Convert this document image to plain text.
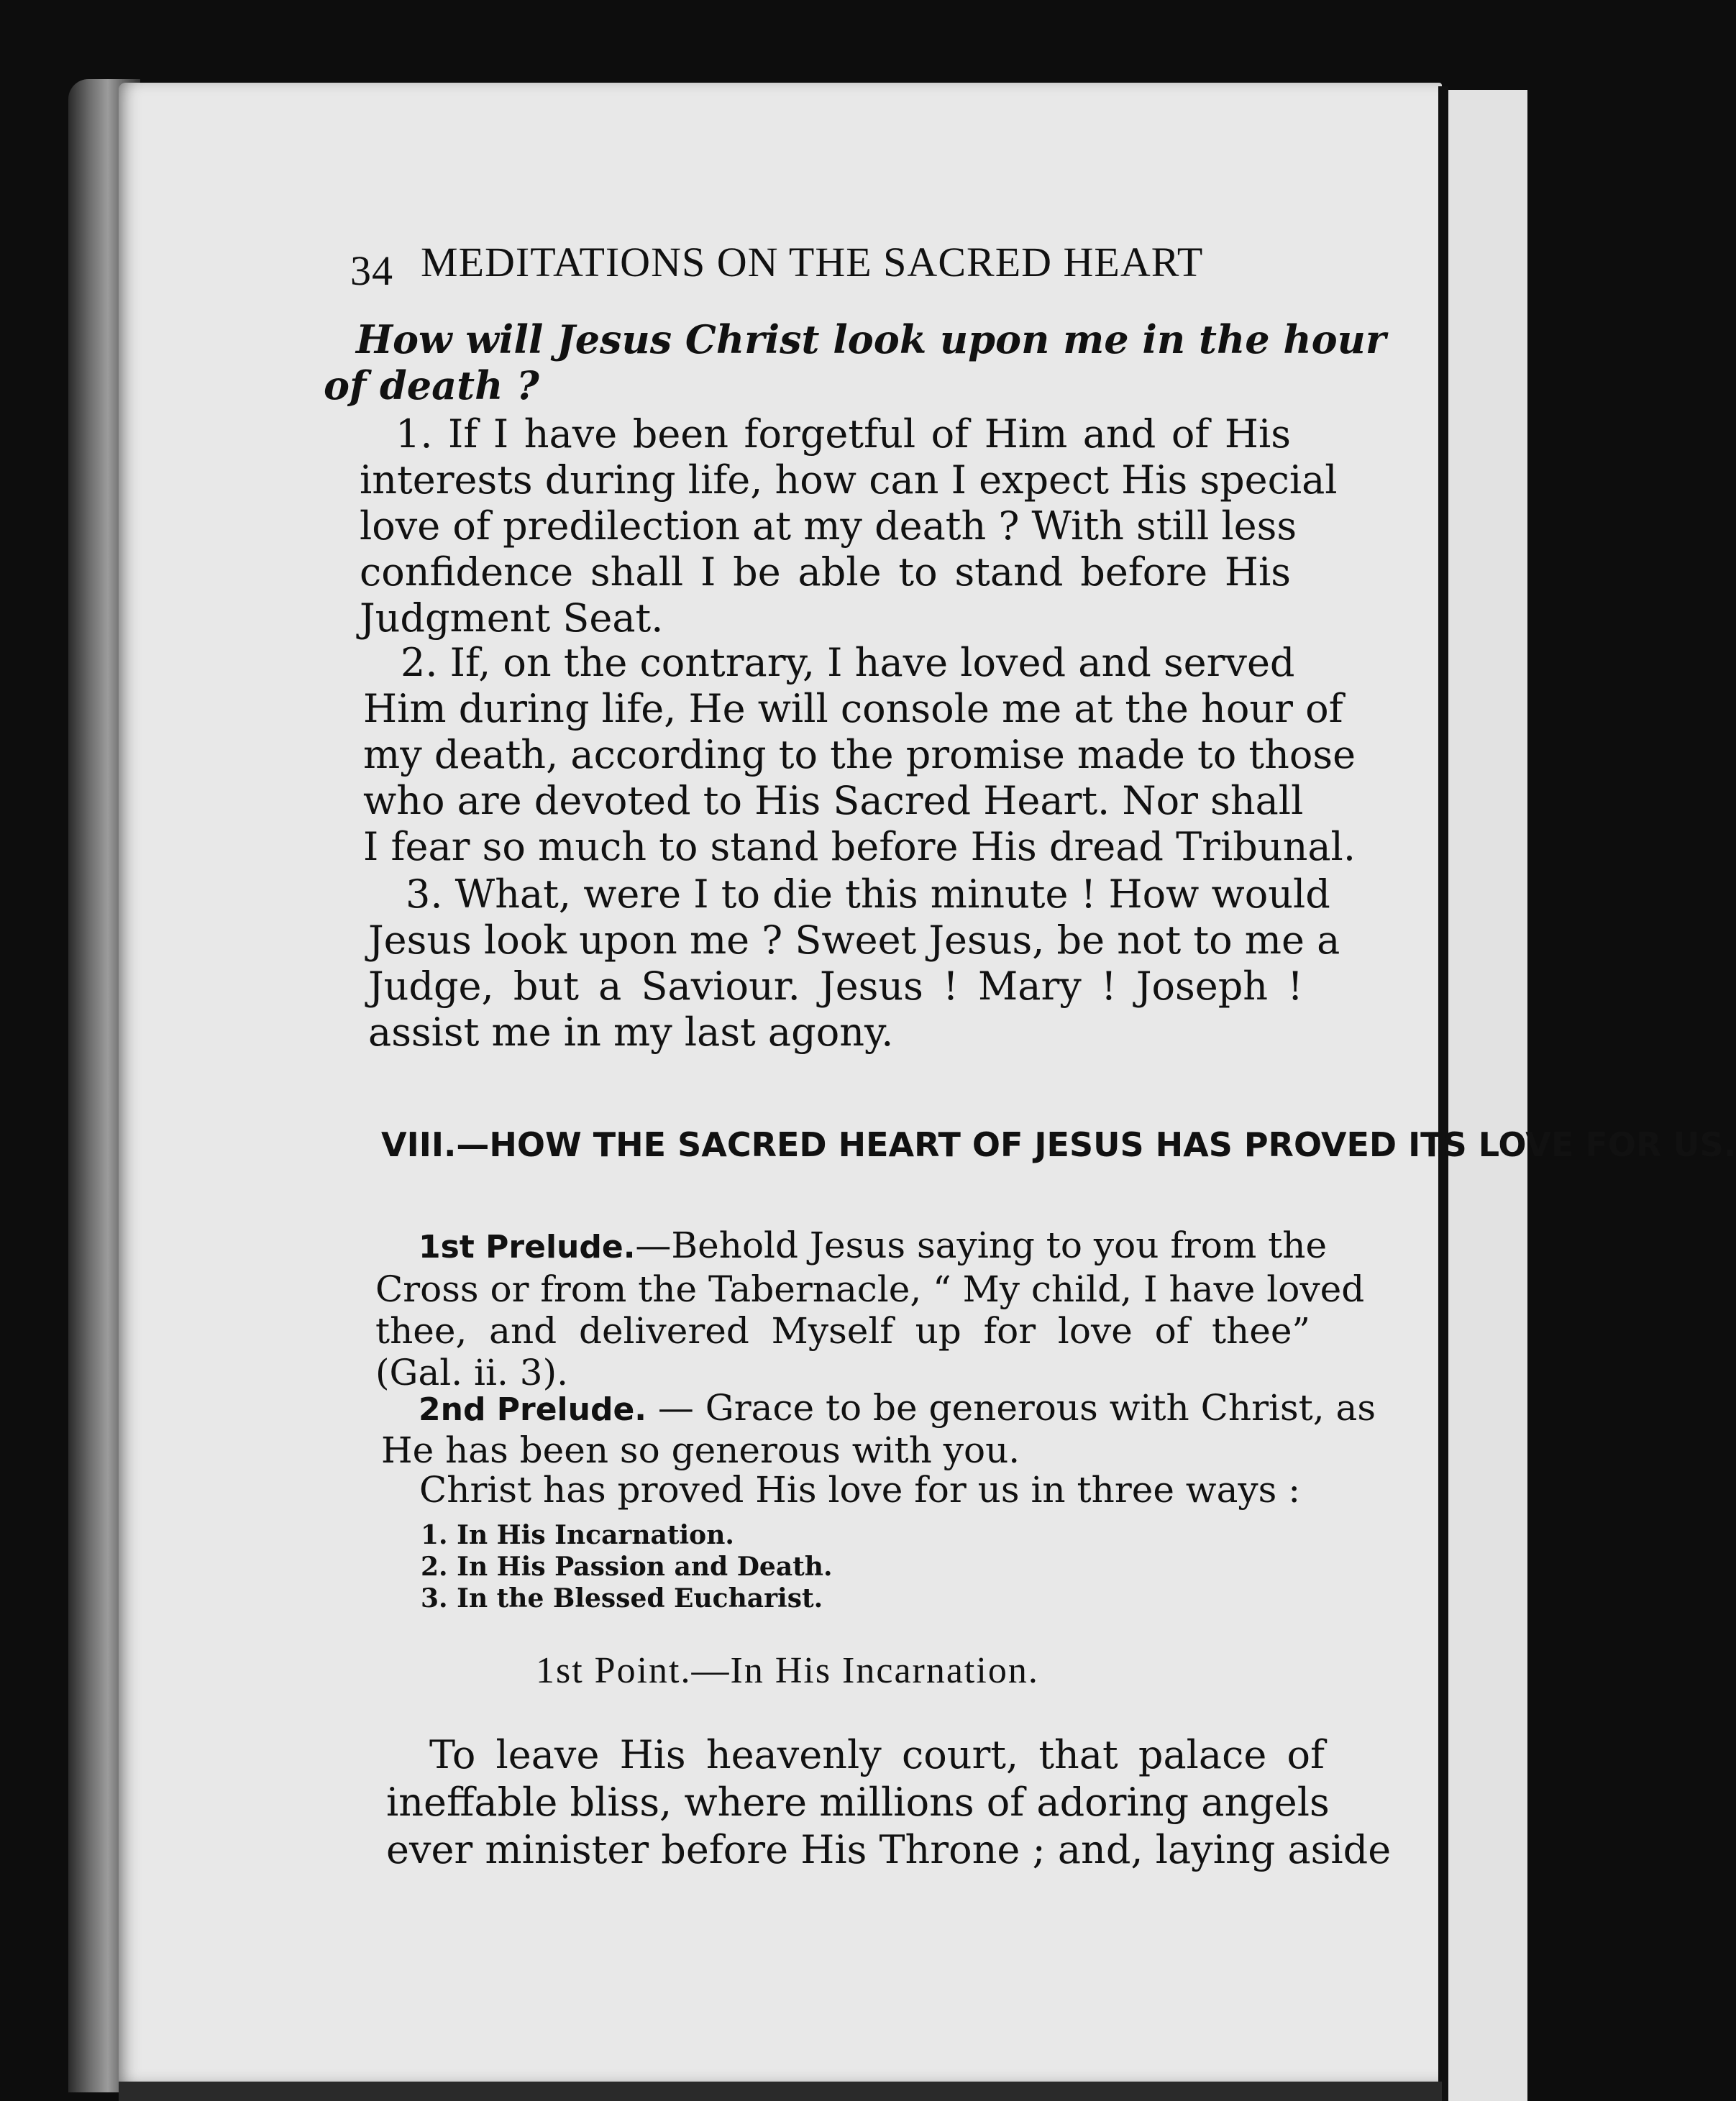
34 MEDITATIONS ON THE SACRED HEART
How will Jesus Christ look upon me in the hour
of death ?
1. If I have been forgetful of Him and of His
interests during life, how can I expect His special
love of predilection at my death ? With still less
confidence shall I be able to stand before His
Judgment Seat.
2. If, on the contrary, I have loved and served
Him during life, He will console me at the hour of
my death, according to the promise made to those
who are devoted to His Sacred Heart. Nor shall
I fear so much to stand before His dread Tribunal.
3. What, were I to die this minute ! How would
Jesus look upon me ? Sweet Jesus, be not to me a
Judge, but a Saviour. Jesus ! Mary ! Joseph !
assist me in my last agony.
VIII.—HOW THE SACRED HEART OF JESUS HAS PROVED ITS LOVE FOR US.
1st Prelude.—Behold Jesus saying to you from the
Cross or from the Tabernacle, “ My child, I have loved
thee, and delivered Myself up for love of thee”
(Gal. ii. 3).
2nd Prelude. — Grace to be generous with Christ, as
He has been so generous with you.
Christ has proved His love for us in three ways :
1. In His Incarnation.
2. In His Passion and Death.
3. In the Blessed Eucharist.
1st Point.—In His Incarnation.
To leave His heavenly court, that palace of
ineffable bliss, where millions of adoring angels
ever minister before His Throne ; and, laying aside
